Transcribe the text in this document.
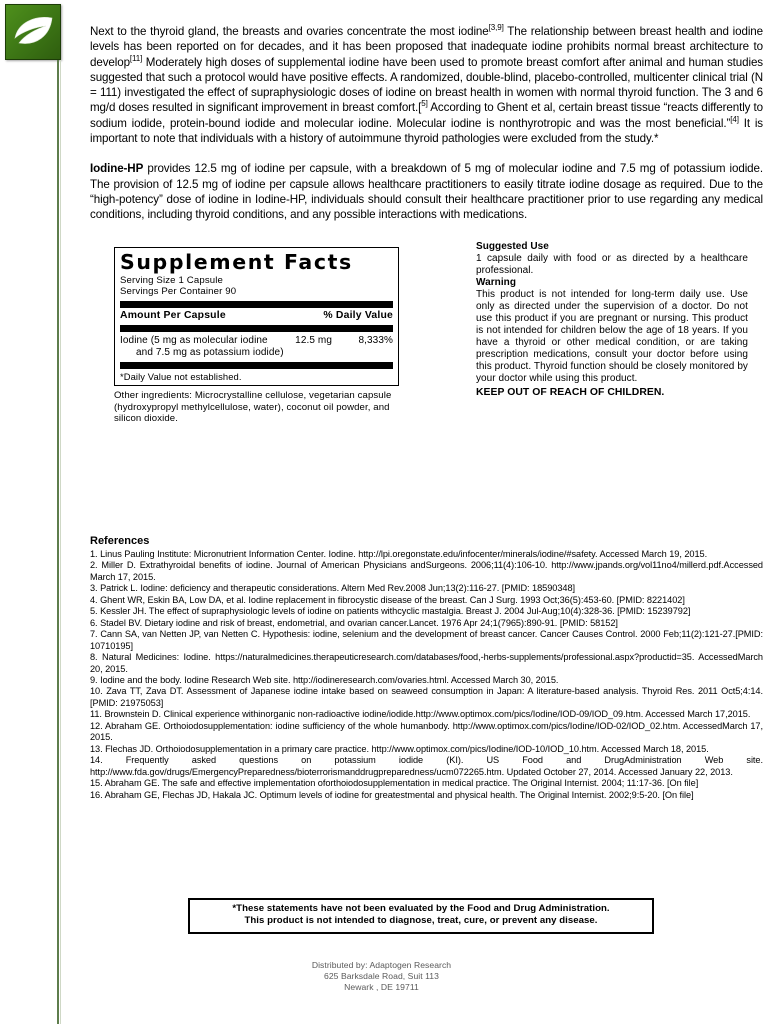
Next to the thyroid gland, the breasts and ovaries concentrate the most iodine[3,9] The relationship between breast health and iodine levels has been reported on for decades, and it has been proposed that inadequate iodine prohibits normal breast architecture to develop[11] Moderately high doses of supplemental iodine have been used to promote breast comfort after animal and human studies suggested that such a protocol would have positive effects. A randomized, double-blind, placebo-controlled, multicenter clinical trial (N = 111) investigated the effect of supraphysiologic doses of iodine on breast health in women with normal thyroid function. The 3 and 6 mg/d doses resulted in significant improvement in breast comfort.[$^{5]}$ According to Ghent et al, certain breast tissue “reacts differently to sodium iodide, protein-bound iodide and molecular iodine. Molecular iodine is nonthyrotropic and was the most beneficial.”[4] It is important to note that individuals with a history of autoimmune thyroid pathologies were excluded from the study.*

Iodine-HP provides 12.5 mg of iodine per capsule, with a breakdown of 5 mg of molecular iodine and 7.5 mg of potassium iodide. The provision of 12.5 mg of iodine per capsule allows healthcare practitioners to easily titrate iodine dosage as required. Due to the “high-potency” dose of iodine in Iodine-HP, individuals should consult their healthcare practitioner prior to use regarding any medical conditions, including thyroid conditions, and any possible interactions with medications.

Supplement Facts
Serving Size 1 Capsule
Servings Per Container 90
Amount Per Capsule	% Daily Value
Iodine (5 mg as molecular iodine
and 7.5 mg as potassium iodide)
12.5 mg	8,333%
*Daily Value not established.
Other ingredients: Microcrystalline cellulose, vegetarian capsule (hydroxypropyl methylcellulose, water), coconut oil powder, and silicon dioxide.
Suggested Use
1 capsule daily with food or as directed by a healthcare professional.
Warning
This product is not intended for long-term daily use. Use only as directed under the supervision of a doctor. Do not use this product if you are pregnant or nursing. This product is not intended for children below the age of 18 years. If you have a thyroid or other medical condition, or are taking prescription medications, consult your doctor before using this product. Thyroid function should be closely monitored by your doctor while using this product.
KEEP OUT OF REACH OF CHILDREN.
References

1. Linus Pauling Institute: Micronutrient Information Center. Iodine. http://lpi.oregonstate.edu/infocenter/minerals/iodine/#safety. Accessed March 19, 2015.

2. Miller D. Extrathyroidal benefits of iodine. Journal of American Physicians andSurgeons. 2006;11(4):106-10. http://www.jpands.org/vol11no4/millerd.pdf.Accessed March 17, 2015.

3. Patrick L. Iodine: deficiency and therapeutic considerations. Altern Med Rev.2008 Jun;13(2):116-27. [PMID: 18590348]

4. Ghent WR, Eskin BA, Low DA, et al. Iodine replacement in fibrocystic disease of the breast. Can J Surg. 1993 Oct;36(5):453-60. [PMID: 8221402]

5. Kessler JH. The effect of supraphysiologic levels of iodine on patients withcyclic mastalgia. Breast J. 2004 Jul-Aug;10(4):328-36. [PMID: 15239792]

6. Stadel BV. Dietary iodine and risk of breast, endometrial, and ovarian cancer.Lancet. 1976 Apr 24;1(7965):890-91. [PMID: 58152]

7. Cann SA, van Netten JP, van Netten C. Hypothesis: iodine, selenium and the development of breast cancer. Cancer Causes Control. 2000 Feb;11(2):121-27.[PMID: 10710195]

8. Natural Medicines: Iodine. https://naturalmedicines.therapeuticresearch.com/databases/food,-herbs-supplements/professional.aspx?productid=35. AccessedMarch 20, 2015.

9. Iodine and the body. Iodine Research Web site. http://iodineresearch.com/ovaries.html. Accessed March 30, 2015.

10. Zava TT, Zava DT. Assessment of Japanese iodine intake based on seaweed consumption in Japan: A literature-based analysis. Thyroid Res. 2011 Oct5;4:14. [PMID: 21975053]

11. Brownstein D. Clinical experience withinorganic non-radioactive iodine/iodide.http://www.optimox.com/pics/Iodine/IOD-09/IOD_09.htm. Accessed March 17,2015.

12. Abraham GE. Orthoiodosupplementation: iodine sufficiency of the whole humanbody. http://www.optimox.com/pics/Iodine/IOD-02/IOD_02.htm. AccessedMarch 17, 2015.

13. Flechas JD. Orthoiodosupplementation in a primary care practice. http://www.optimox.com/pics/Iodine/IOD-10/IOD_10.htm. Accessed March 18, 2015.

14. Frequently asked questions on potassium iodide (KI). US Food and DrugAdministration Web site. http://www.fda.gov/drugs/EmergencyPreparedness/bioterrorismanddrugpreparedness/ucm072265.htm. Updated October 27, 2014. Accessed January 22, 2013.

15. Abraham GE. The safe and effective implementation oforthoiodosupplementation in medical practice. The Original Internist. 2004; 11:17-36. [On file]

16. Abraham GE, Flechas JD, Hakala JC. Optimum levels of iodine for greatestmental and physical health. The Original Internist. 2002;9:5-20. [On file]

*These statements have not been evaluated by the Food and Drug Administration.
This product is not intended to diagnose, treat, cure, or prevent any disease.
Distributed by: Adaptogen Research
625 Barksdale Road, Suit 113
Newark , DE 19711
